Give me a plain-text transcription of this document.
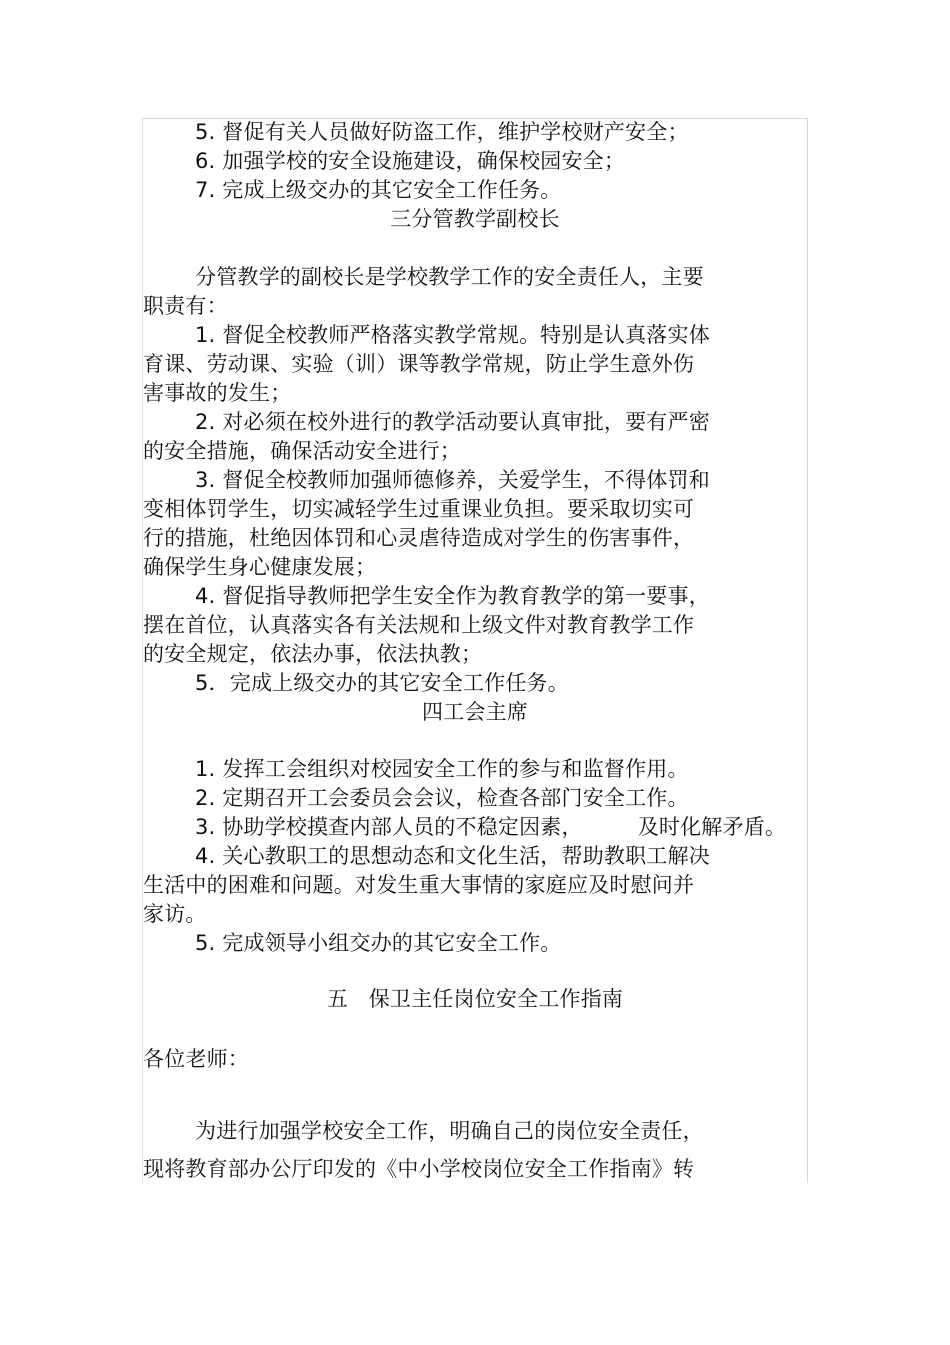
5. 督促有关人员做好防盗工作，维护学校财产安全；
6. 加强学校的安全设施建设，确保校园安全；
7. 完成上级交办的其它安全工作任务。
三分管教学副校长
分管教学的副校长是学校教学工作的安全责任人，主要
职责有：
1. 督促全校教师严格落实教学常规。特别是认真落实体
育课、劳动课、实验（训）课等教学常规，防止学生意外伤
害事故的发生；
2. 对必须在校外进行的教学活动要认真审批，要有严密
的安全措施，确保活动安全进行；
3. 督促全校教师加强师德修养，关爱学生，不得体罚和
变相体罚学生，切实减轻学生过重课业负担。要采取切实可
行的措施，杜绝因体罚和心灵虐待造成对学生的伤害事件，
确保学生身心健康发展；
4. 督促指导教师把学生安全作为教育教学的第一要事，
摆在首位，认真落实各有关法规和上级文件对教育教学工作
的安全规定，依法办事，依法执教；
5．完成上级交办的其它安全工作任务。
四工会主席
1. 发挥工会组织对校园安全工作的参与和监督作用。
2. 定期召开工会委员会会议，检查各部门安全工作。
3. 协助学校摸查内部人员的不稳定因素，        及时化解矛盾。
4. 关心教职工的思想动态和文化生活，帮助教职工解决
生活中的困难和问题。对发生重大事情的家庭应及时慰问并
家访。
5. 完成领导小组交办的其它安全工作。
五   保卫主任岗位安全工作指南
各位老师：
为进行加强学校安全工作，明确自己的岗位安全责任，
现将教育部办公厅印发的《中小学校岗位安全工作指南》转
